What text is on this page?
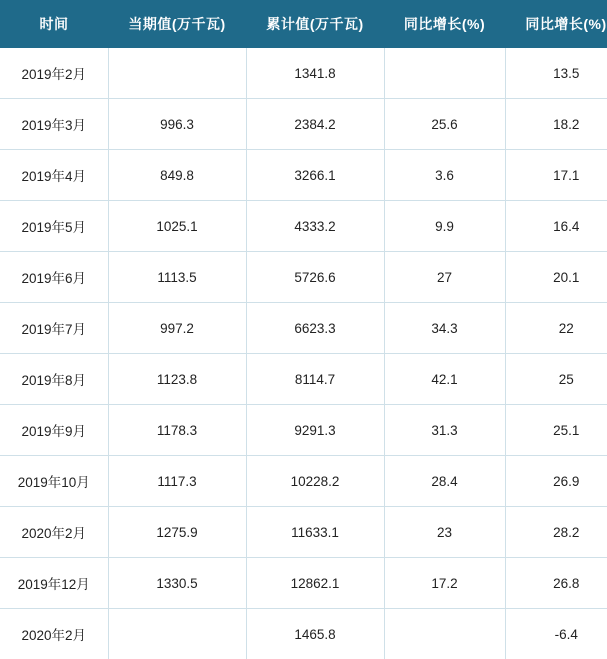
时间	当期值(万千瓦)	累计值(万千瓦)	同比增长(%)	同比增长(%)
2019年2月		1341.8		13.5
2019年3月	996.3	2384.2	25.6	18.2
2019年4月	849.8	3266.1	3.6	17.1
2019年5月	1025.1	4333.2	9.9	16.4
2019年6月	1113.5	5726.6	27	20.1
2019年7月	997.2	6623.3	34.3	22
2019年8月	1123.8	8114.7	42.1	25
2019年9月	1178.3	9291.3	31.3	25.1
2019年10月	1117.3	10228.2	28.4	26.9
2020年2月	1275.9	11633.1	23	28.2
2019年12月	1330.5	12862.1	17.2	26.8
2020年2月		1465.8		-6.4
